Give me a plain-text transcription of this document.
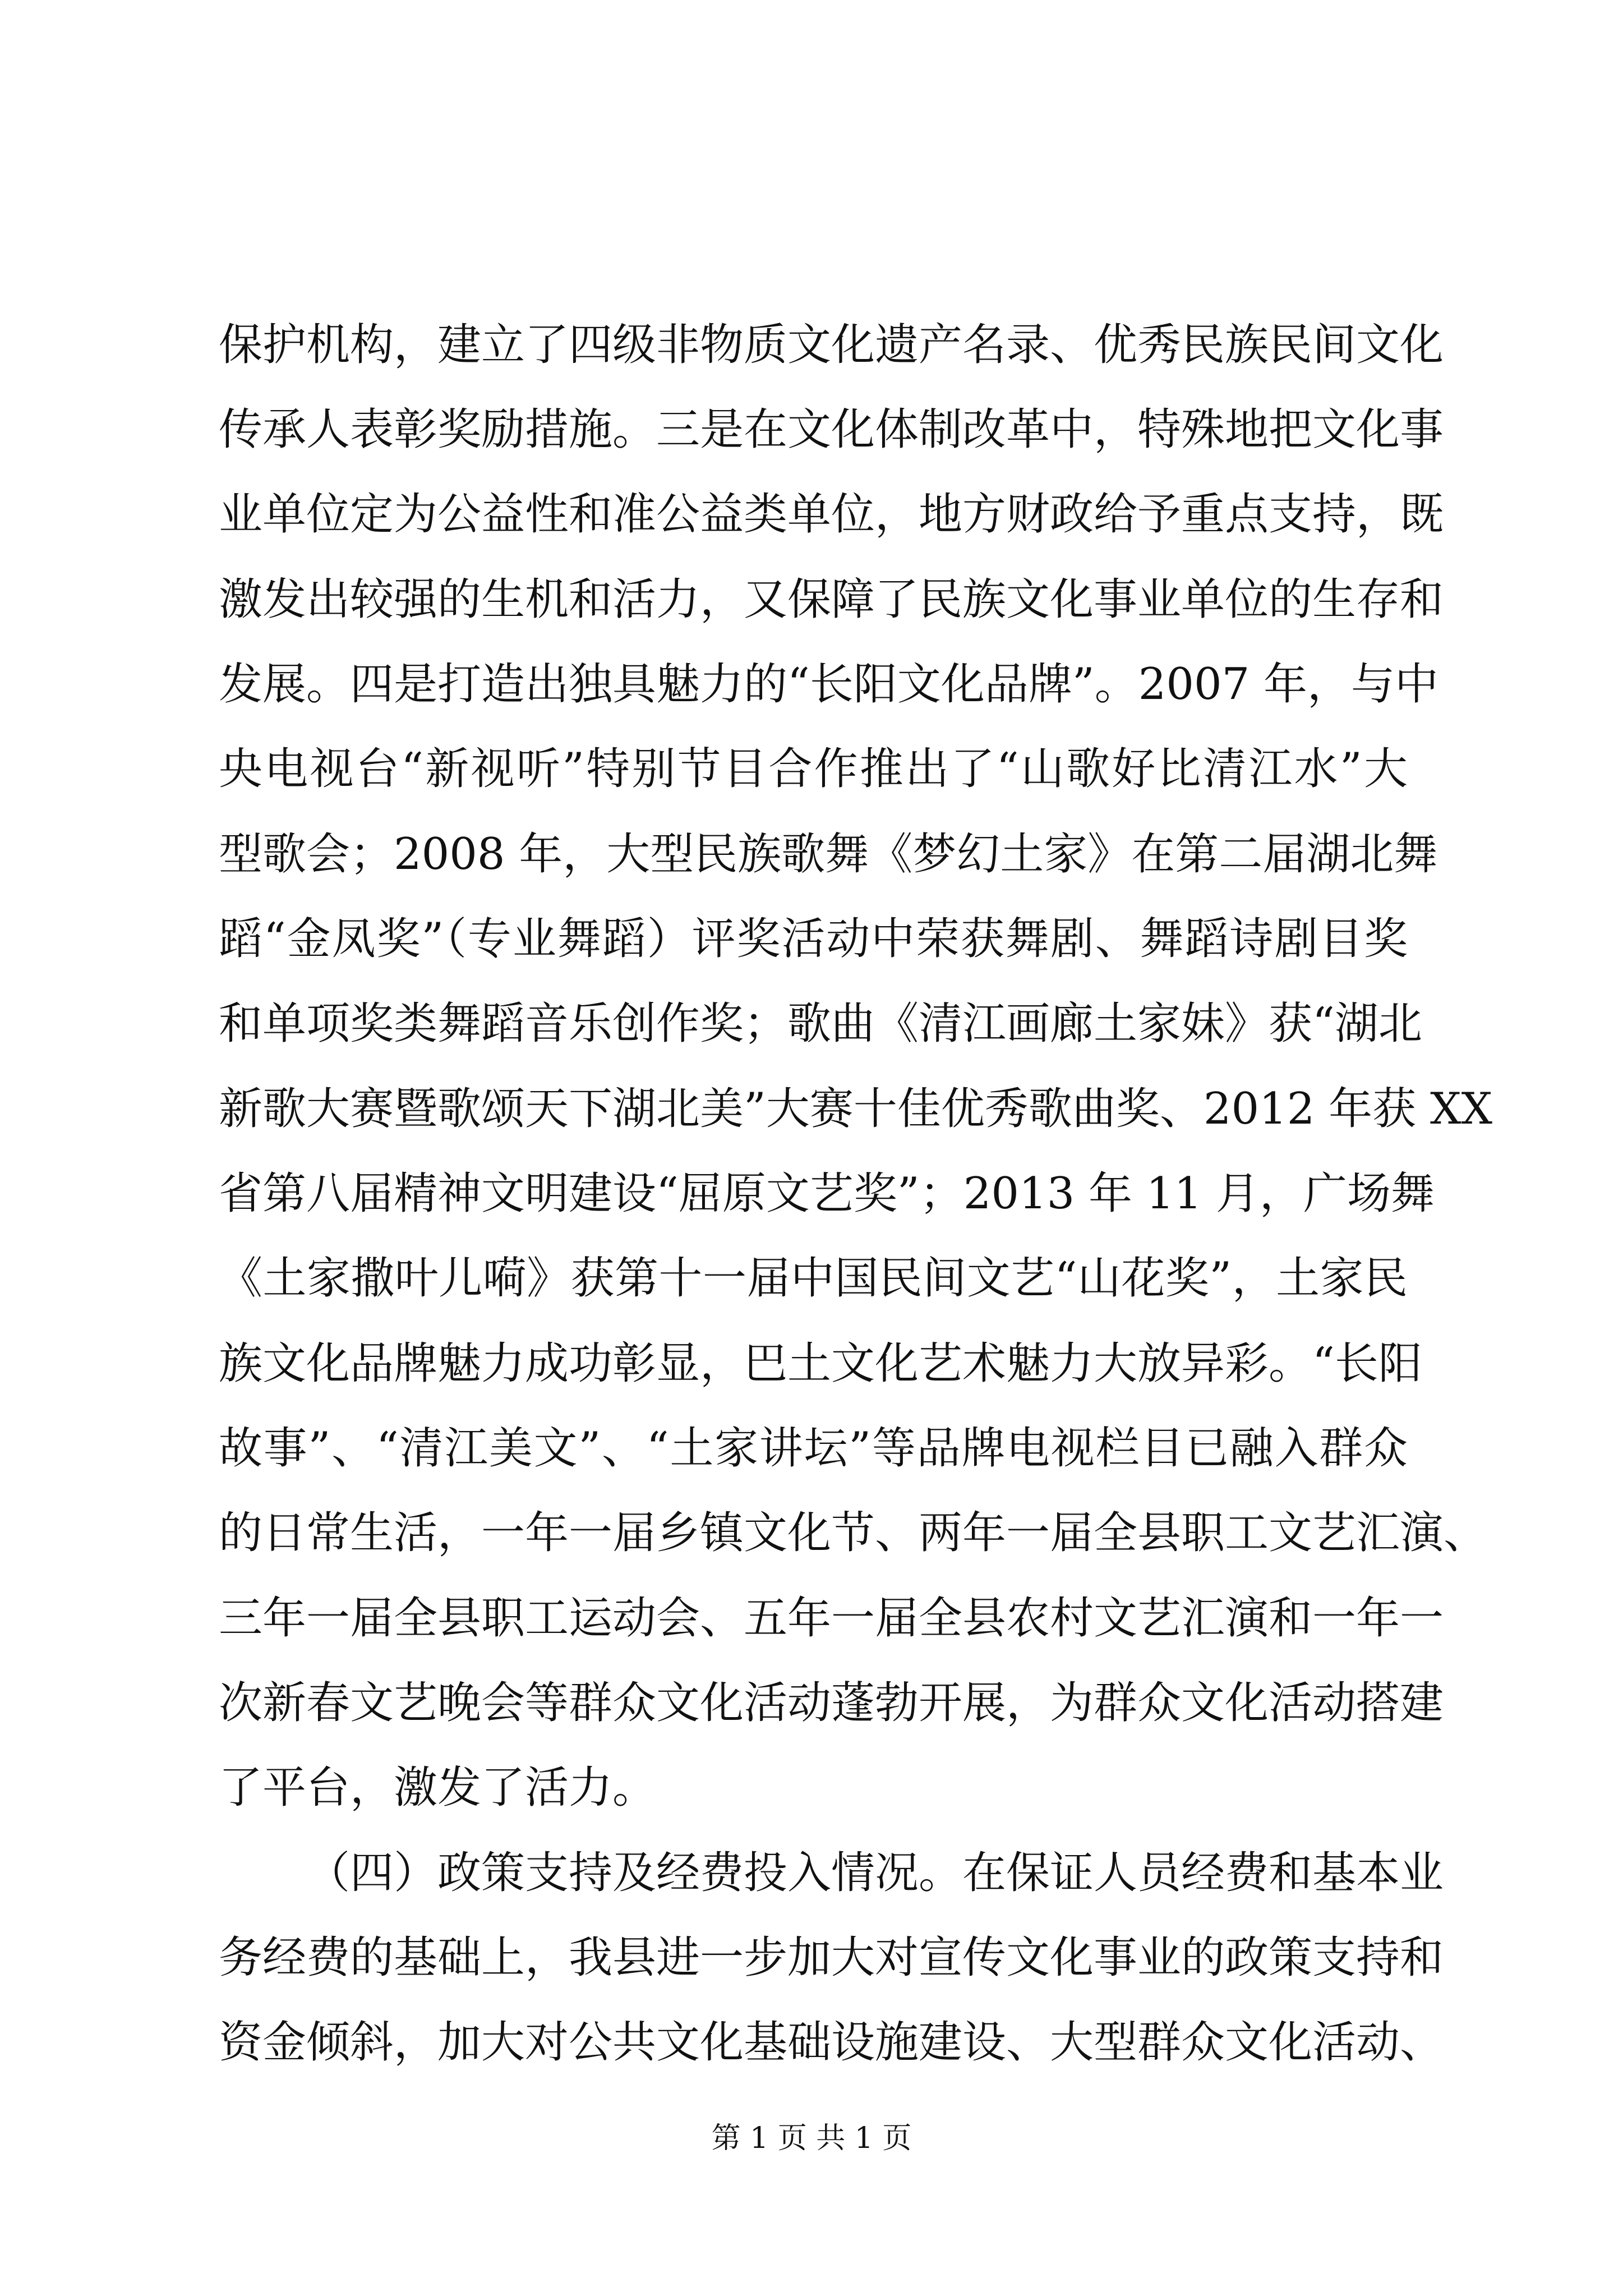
保护机构，建立了四级非物质文化遗产名录、优秀民族民间文化
传承人表彰奖励措施。三是在文化体制改革中，特殊地把文化事
业单位定为公益性和准公益类单位，地方财政给予重点支持，既
激发出较强的生机和活力，又保障了民族文化事业单位的生存和
发展。四是打造出独具魅力的“长阳文化品牌”。2007 年，与中
央电视台“新视听”特别节目合作推出了“山歌好比清江水”大
型歌会；2008 年，大型民族歌舞《梦幻土家》在第二届湖北舞
蹈“金凤奖”（专业舞蹈）评奖活动中荣获舞剧、舞蹈诗剧目奖
和单项奖类舞蹈音乐创作奖；歌曲《清江画廊土家妹》获“湖北
新歌大赛暨歌颂天下湖北美”大赛十佳优秀歌曲奖、2012 年获 XX
省第八届精神文明建设“屈原文艺奖”；2013 年 11 月，广场舞
《土家撒叶儿嗬》获第十一届中国民间文艺“山花奖”，土家民
族文化品牌魅力成功彰显，巴土文化艺术魅力大放异彩。“长阳
故事”、“清江美文”、“土家讲坛”等品牌电视栏目已融入群众
的日常生活，一年一届乡镇文化节、两年一届全县职工文艺汇演、
三年一届全县职工运动会、五年一届全县农村文艺汇演和一年一
次新春文艺晚会等群众文化活动蓬勃开展，为群众文化活动搭建
了平台，激发了活力。
（四）政策支持及经费投入情况。在保证人员经费和基本业
务经费的基础上，我县进一步加大对宣传文化事业的政策支持和
资金倾斜，加大对公共文化基础设施建设、大型群众文化活动、
第 1 页 共 1 页
